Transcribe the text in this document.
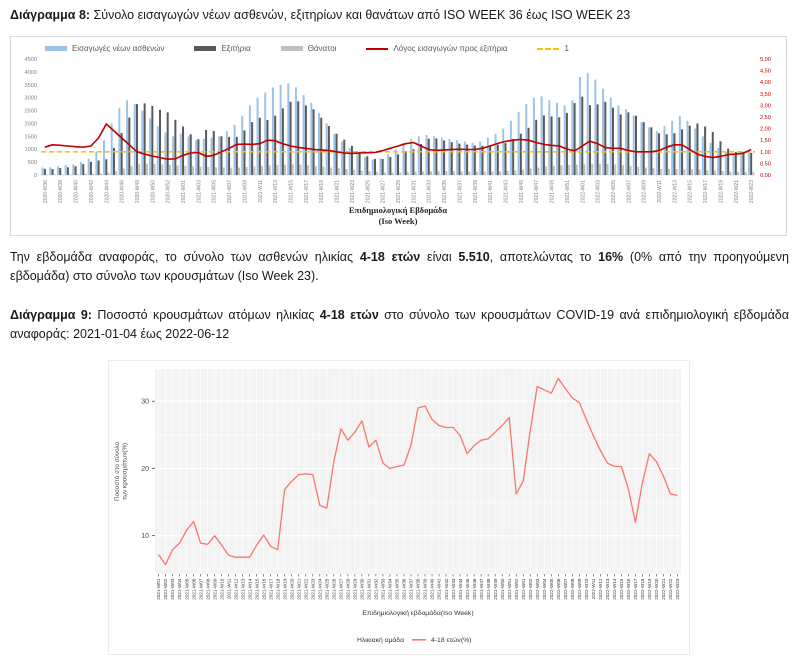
Διάγραμμα 8: Σύνολο εισαγωγών νέων ασθενών, εξιτηρίων και θανάτων από ISO WEEK 36 έως ISO WEEK 23

Εισαγωγές νέων ασθενών	Εξιτήρια	Θάνατοι	Λόγος εισαγωγών προς εξιτήρια	1
0
500
1000
1500
2000
2500
3000
3500
4000
4500
0,00
0,50
1,00
1,50
2,00
2,50
3,00
3,50
4,00
4,50
5,00
2020-W36 2020-W38 2020-W40 2020-W42 2020-W44 2020-W46 2020-W48 2020-W50 2020-W52 2021-W01 2021-W03 2021-W05 2021-W07 2021-W09 2021-W11 2021-W13 2021-W15 2021-W17 2021-W19 2021-W21 2021-W23 2021-W25 2021-W27 2021-W29 2021-W31 2021-W33 2021-W35 2021-W37 2021-W39 2021-W41 2021-W43 2021-W45 2021-W47 2021-W49 2021-W51 2022-W01 2022-W03 2022-W05 2022-W07 2022-W09 2022-W11 2022-W13 2022-W15 2022-W17 2022-W19 2022-W21 2022-W23
Επιδημιολογική Εβδομάδα
(Iso Week)

Την εβδομάδα αναφοράς, το σύνολο των ασθενών ηλικίας 4-18 ετών είναι 5.510, αποτελώντας το 16% (0% από την προηγούμενη εβδομάδα) στο σύνολο των κρουσμάτων (Iso Week 23).

Διάγραμμα 9: Ποσοστό κρουσμάτων ατόμων ηλικίας 4-18 ετών στο σύνολο των κρουσμάτων COVID-19 ανά επιδημιολογική εβδομάδα αναφοράς: 2021-01-04 έως 2022-06-12

10
20
30
2021-W01 2021-W02 2021-W03 2021-W04 2021-W05 2021-W06 2021-W07 2021-W08 2021-W09 2021-W10 2021-W11 2021-W12 2021-W13 2021-W14 2021-W15 2021-W16 2021-W17 2021-W18 2021-W19 2021-W20 2021-W21 2021-W22 2021-W23 2021-W24 2021-W25 2021-W26 2021-W27 2021-W28 2021-W29 2021-W30 2021-W31 2021-W32 2021-W33 2021-W34 2021-W35 2021-W36 2021-W37 2021-W38 2021-W39 2021-W40 2021-W41 2021-W42 2021-W43 2021-W44 2021-W45 2021-W46 2021-W47 2021-W48 2021-W49 2021-W50 2021-W51 2021-W52 2022-W01 2022-W02 2022-W03 2022-W04 2022-W05 2022-W06 2022-W07 2022-W08 2022-W09 2022-W10 2022-W11 2022-W12 2022-W13 2022-W14 2022-W15 2022-W16 2022-W17 2022-W18 2022-W19 2022-W20 2022-W21 2022-W22 2022-W23
Επιδημιολογική εβδομάδα(Iso Week)
Ποσοστό στο σύνολο των κρουσμάτων(%)
Ηλικιακή ομάδα	4-18 ετών(%)
